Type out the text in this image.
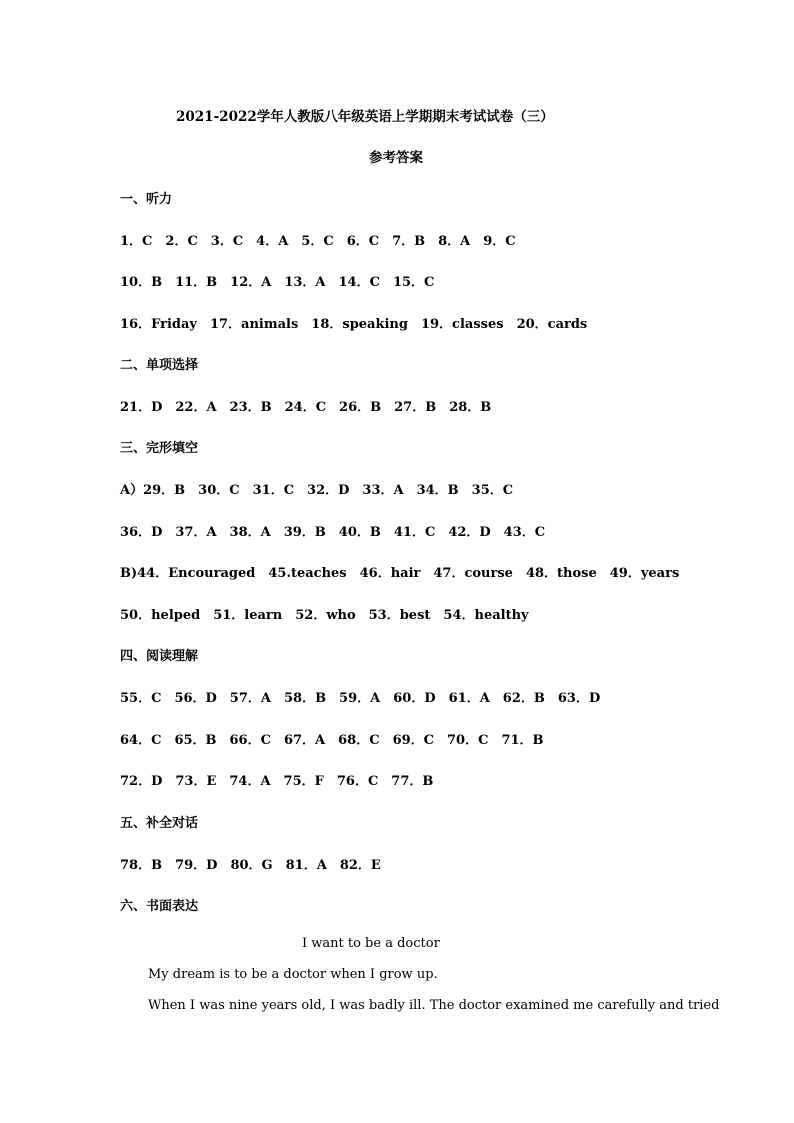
2021-2022学年人教版八年级英语上学期期末考试试卷（三）
参考答案
一、听力
1．C　2．C　3．C　4．A　5．C　6．C　7．B　8．A　9．C
10．B　11．B　12．A　13．A　14．C　15．C
16．Friday　17．animals　18．speaking　19．classes　20．cards
二、单项选择
21．D　22．A　23．B　24．C　26．B　27．B　28．B
三、完形填空
A）29．B　30．C　31．C　32．D　33．A　34．B　35．C
36．D　37．A　38．A　39．B　40．B　41．C　42．D　43．C
B)44．Encouraged　45.teaches　46．hair　47．course　48．those　49．years
50．helped　51．learn　52．who　53．best　54．healthy
四、阅读理解
55．C　56．D　57．A　58．B　59．A　60．D　61．A　62．B　63．D
64．C　65．B　66．C　67．A　68．C　69．C　70．C　71．B
72．D　73．E　74．A　75．F　76．C　77．B
五、补全对话
78．B　79．D　80．G　81．A　82．E
六、书面表达
I want to be a doctor
My dream is to be a doctor when I grow up.
When I was nine years old, I was badly ill. The doctor examined me carefully and tried
